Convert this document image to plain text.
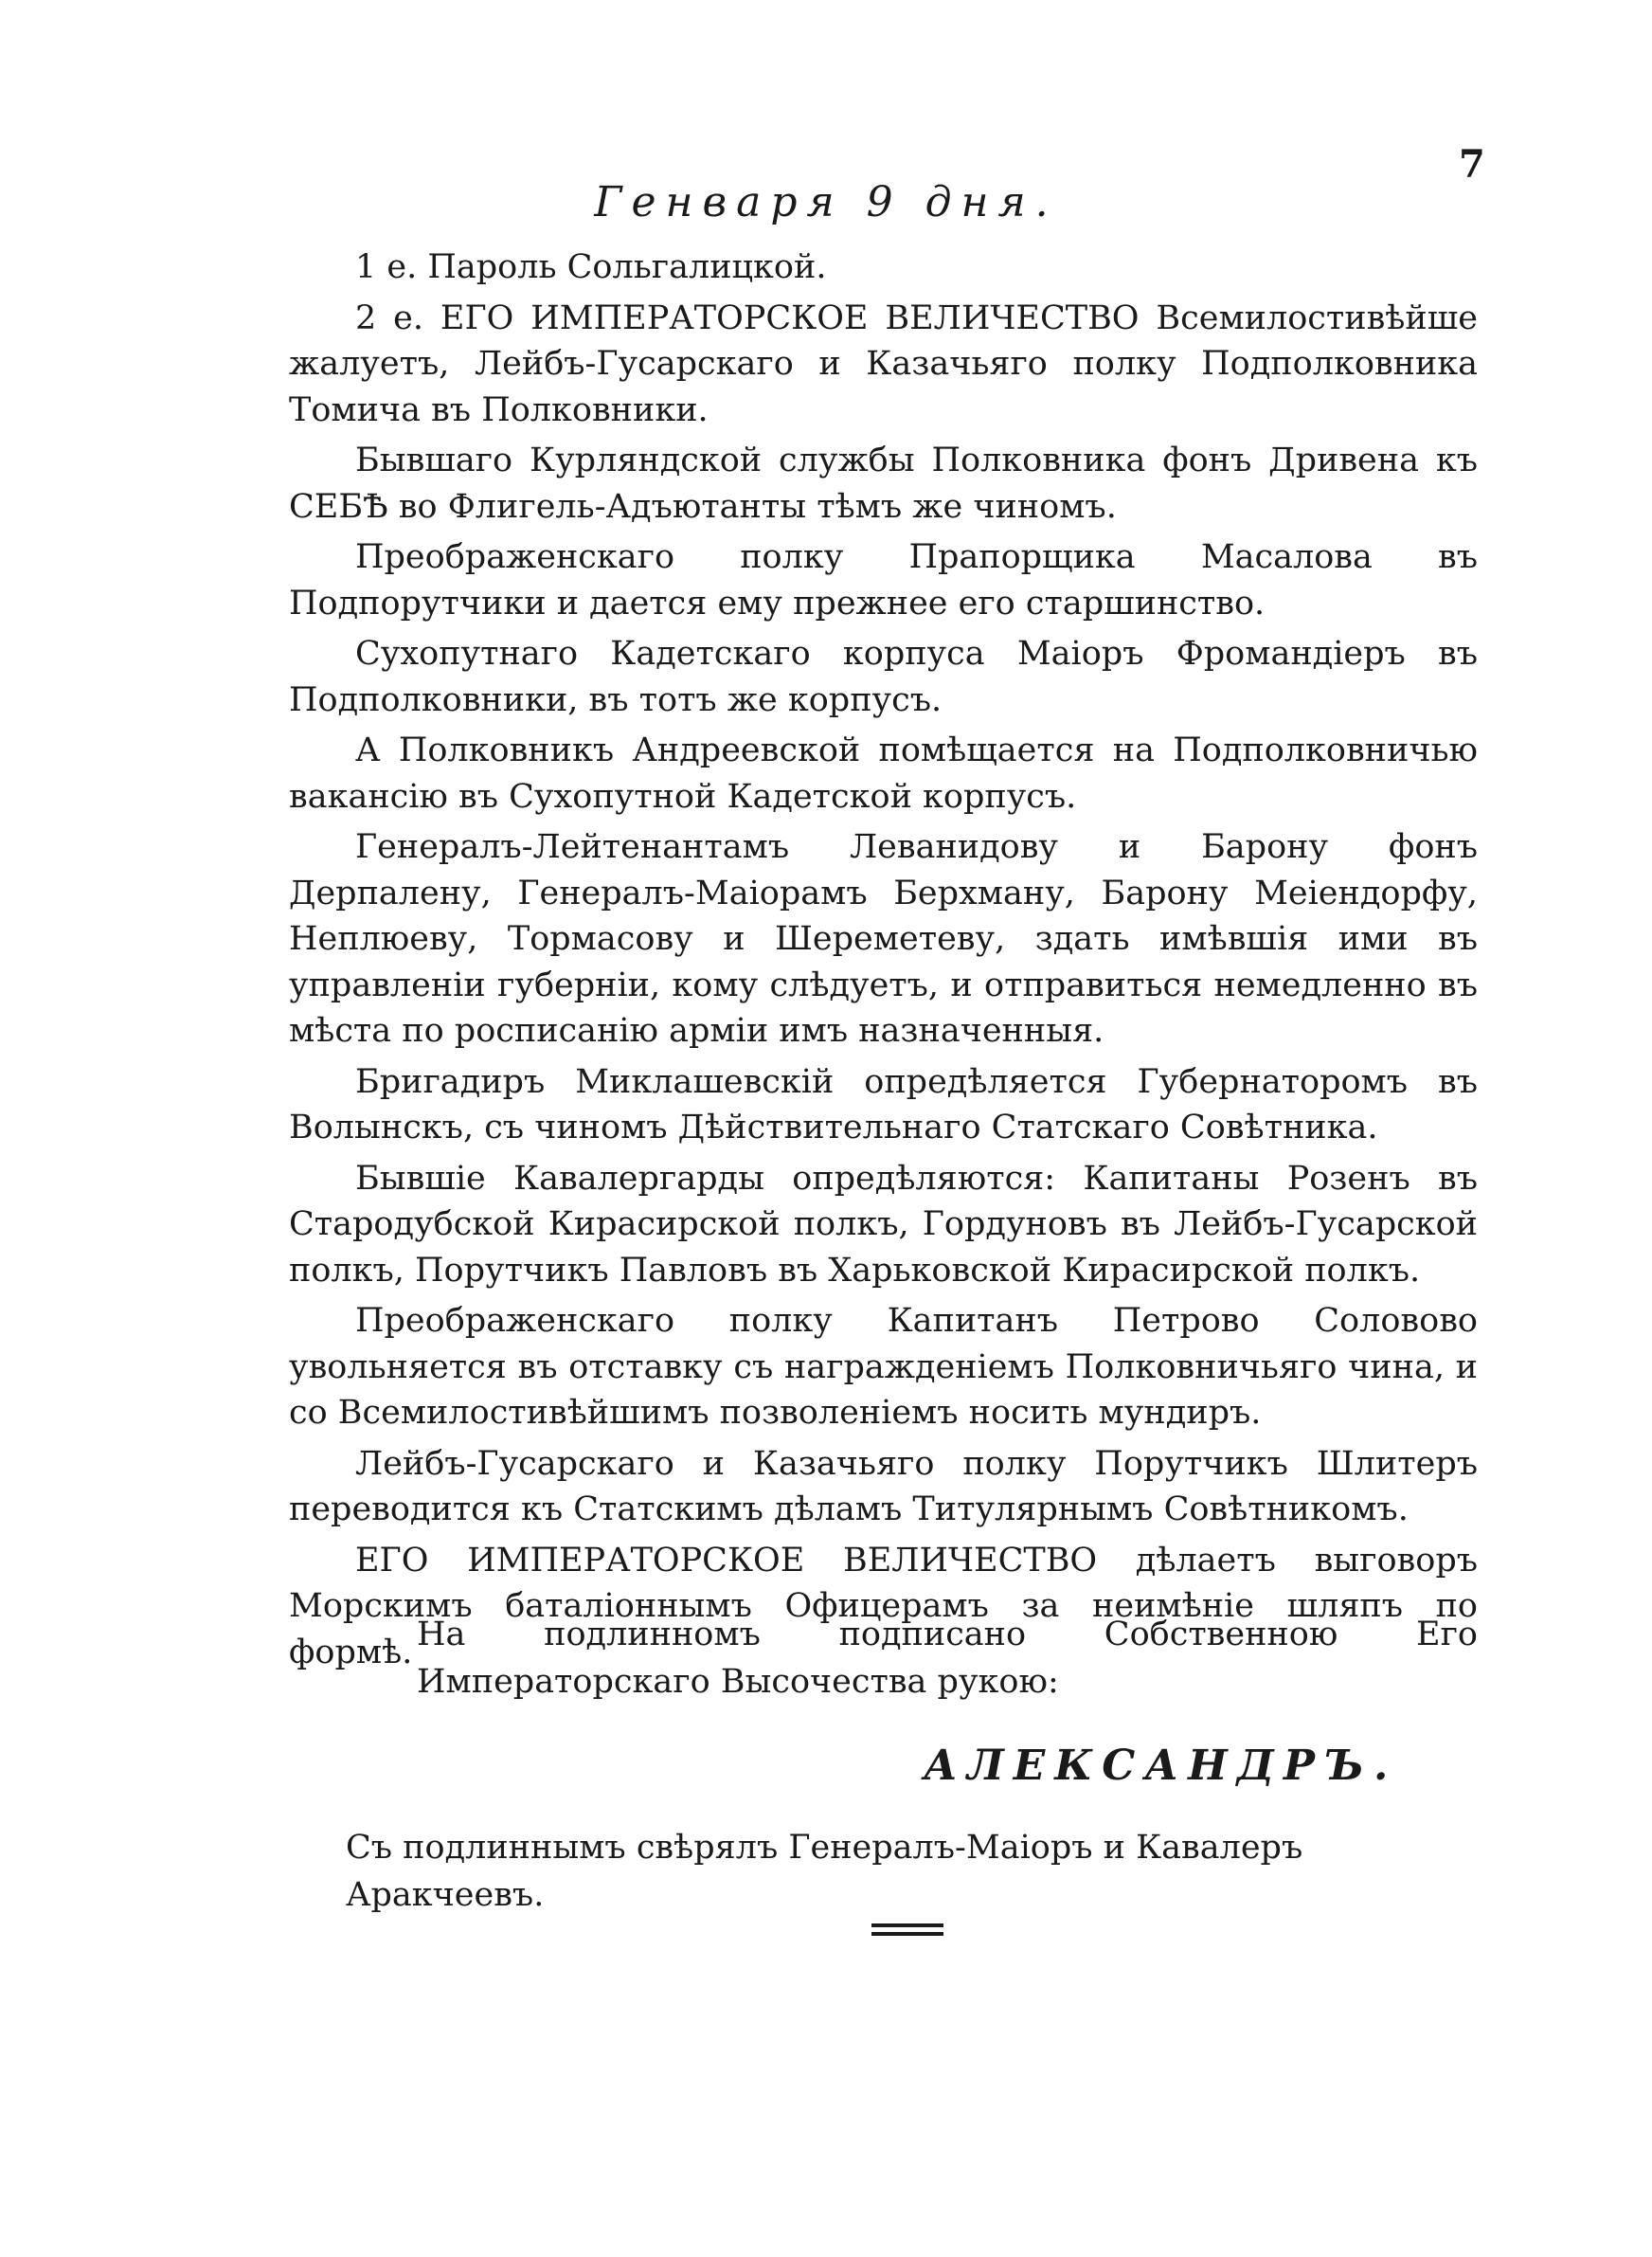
7
Генваря 9 дня.

1 е. Пароль Сольгалицкой.

2 е. ЕГО ИМПЕРАТОРСКОЕ ВЕЛИЧЕСТВО Всемилостивѣйше жалуетъ, Лейбъ-Гусарскаго и Казачьяго полку Подполковника Томича въ Полковники.

Бывшаго Курляндской службы Полковника фонъ Дривена къ СЕБѢ во Флигель-Адъютанты тѣмъ же чиномъ.

Преображенскаго полку Прапорщика Масалова въ Подпорутчики и дается ему прежнее его старшинство.

Сухопутнаго Кадетскаго корпуса Маіоръ Фромандіеръ въ Подполковники, въ тотъ же корпусъ.

А Полковникъ Андреевской помѣщается на Подполковничью вакансію въ Сухопутной Кадетской корпусъ.

Генералъ-Лейтенантамъ Леванидову и Барону фонъ Дерпалену, Генералъ-Маіорамъ Берхману, Барону Меіендорфу, Неплюеву, Тормасову и Шереметеву, здать имѣвшія ими въ управленіи губерніи, кому слѣдуетъ, и отправиться немедленно въ мѣста по росписанію арміи имъ назначенныя.

Бригадиръ Миклашевскій опредѣляется Губернаторомъ въ Волынскъ, съ чиномъ Дѣйствительнаго Статскаго Совѣтника.

Бывшіе Кавалергарды опредѣляются: Капитаны Розенъ въ Стародубской Кирасирской полкъ, Гордуновъ въ Лейбъ-Гусарской полкъ, Порутчикъ Павловъ въ Харьковской Кирасирской полкъ.

Преображенскаго полку Капитанъ Петрово Соловово увольняется въ отставку съ награжденіемъ Полковничьяго чина, и со Всемилостивѣйшимъ позволеніемъ носить мундиръ.

Лейбъ-Гусарскаго и Казачьяго полку Порутчикъ Шлитеръ переводится къ Статскимъ дѣламъ Титулярнымъ Совѣтникомъ.

ЕГО ИМПЕРАТОРСКОЕ ВЕЛИЧЕСТВО дѣлаетъ выговоръ Морскимъ баталіоннымъ Офицерамъ за неимѣніе шляпъ по формѣ. На подлинномъ подписано Собственною Его Императорскаго Высочества рукою:
АЛЕКСАНДРЪ.
Съ подлиннымъ свѣрялъ Генералъ-Маіоръ и Кавалеръ Аракчеевъ.
